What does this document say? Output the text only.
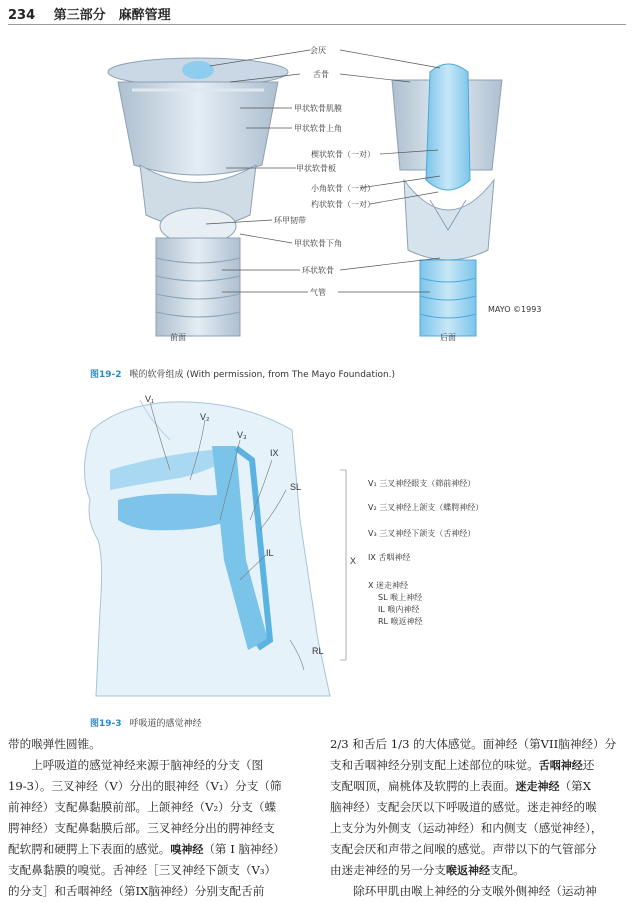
234 第三部分　麻醉管理
会厌
舌骨
甲状软骨肌膜
甲状软骨上角
楔状软骨（一对）
甲状软骨板
小角软骨（一对）
杓状软骨（一对）
环甲韧带
甲状软骨下角
环状软骨
气管
MAYO ©1993
前面	后面
图19-2 喉的软骨组成 (With permission, from The Mayo Foundation.)
V₁
V₂
V₃
IX
SL
IL
RL
X
V₁ 三叉神经眼支（筛前神经）
V₂ 三叉神经上颌支（蝶腭神经）
V₃ 三叉神经下颌支（舌神经）
IX 舌咽神经
X 迷走神经
SL 喉上神经
IL 喉内神经
RL 喉返神经
图19-3 呼吸道的感觉神经

带的喉弹性圆锥。

　　上呼吸道的感觉神经来源于脑神经的分支（图

19-3）。三叉神经（V）分出的眼神经（V₁）分支（筛

前神经）支配鼻黏膜前部。上颌神经（V₂）分支（蝶

腭神经）支配鼻黏膜后部。三叉神经分出的腭神经支

配软腭和硬腭上下表面的感觉。嗅神经（第 I 脑神经）

支配鼻黏膜的嗅觉。舌神经［三叉神经下颌支（V₃）

的分支］和舌咽神经（第IX脑神经）分别支配舌前

2/3 和舌后 1/3 的大体感觉。面神经（第VII脑神经）分

支和舌咽神经分别支配上述部位的味觉。舌咽神经还

支配咽顶，扁桃体及软腭的上表面。迷走神经（第X

脑神经）支配会厌以下呼吸道的感觉。迷走神经的喉

上支分为外侧支（运动神经）和内侧支（感觉神经），

支配会厌和声带之间喉的感觉。声带以下的气管部分

由迷走神经的另一分支喉返神经支配。

　　除环甲肌由喉上神经的分支喉外侧神经（运动神
